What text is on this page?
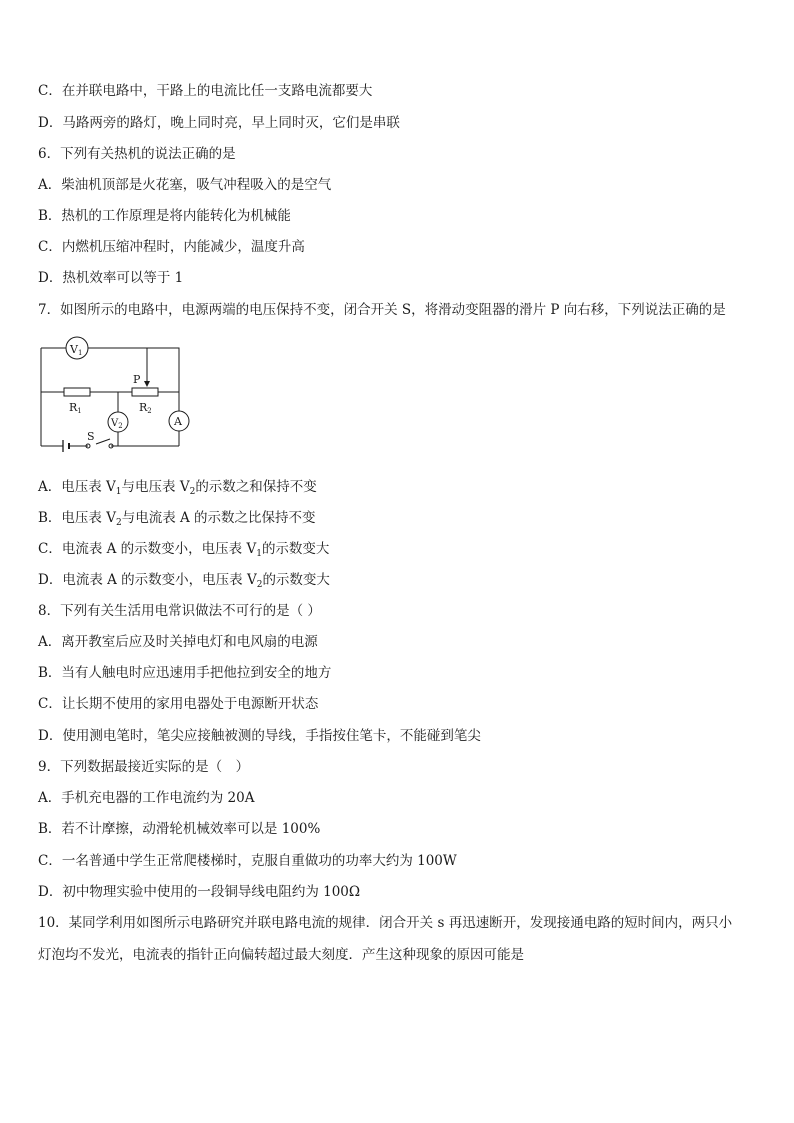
C．在并联电路中，干路上的电流比任一支路电流都要大
D．马路两旁的路灯，晚上同时亮，早上同时灭，它们是串联
6．下列有关热机的说法正确的是
A．柴油机顶部是火花塞，吸气冲程吸入的是空气
B．热机的工作原理是将内能转化为机械能
C．内燃机压缩冲程时，内能减少，温度升高
D．热机效率可以等于 1
7．如图所示的电路中，电源两端的电压保持不变，闭合开关 S，将滑动变阻器的滑片 P 向右移，下列说法正确的是
V1
$V_2$	A
R1	R2
P
S
A．电压表 $V_1$与电压表 $V_2$的示数之和保持不变
B．电压表 $V_2$与电流表 A 的示数之比保持不变
C．电流表 A 的示数变小，电压表 $V_1$的示数变大
D．电流表 A 的示数变小，电压表 $V_2$的示数变大
8．下列有关生活用电常识做法不可行的是（ ）
A．离开教室后应及时关掉电灯和电风扇的电源
B．当有人触电时应迅速用手把他拉到安全的地方
C．让长期不使用的家用电器处于电源断开状态
D．使用测电笔时，笔尖应接触被测的导线，手指按住笔卡，不能碰到笔尖
9．下列数据最接近实际的是（　）
A．手机充电器的工作电流约为 20A
B．若不计摩擦，动滑轮机械效率可以是 100%
C．一名普通中学生正常爬楼梯时，克服自重做功的功率大约为 100W
D．初中物理实验中使用的一段铜导线电阻约为 100Ω
10．某同学利用如图所示电路研究并联电路电流的规律．闭合开关 s 再迅速断开，发现接通电路的短时间内，两只小
灯泡均不发光，电流表的指针正向偏转超过最大刻度．产生这种现象的原因可能是
